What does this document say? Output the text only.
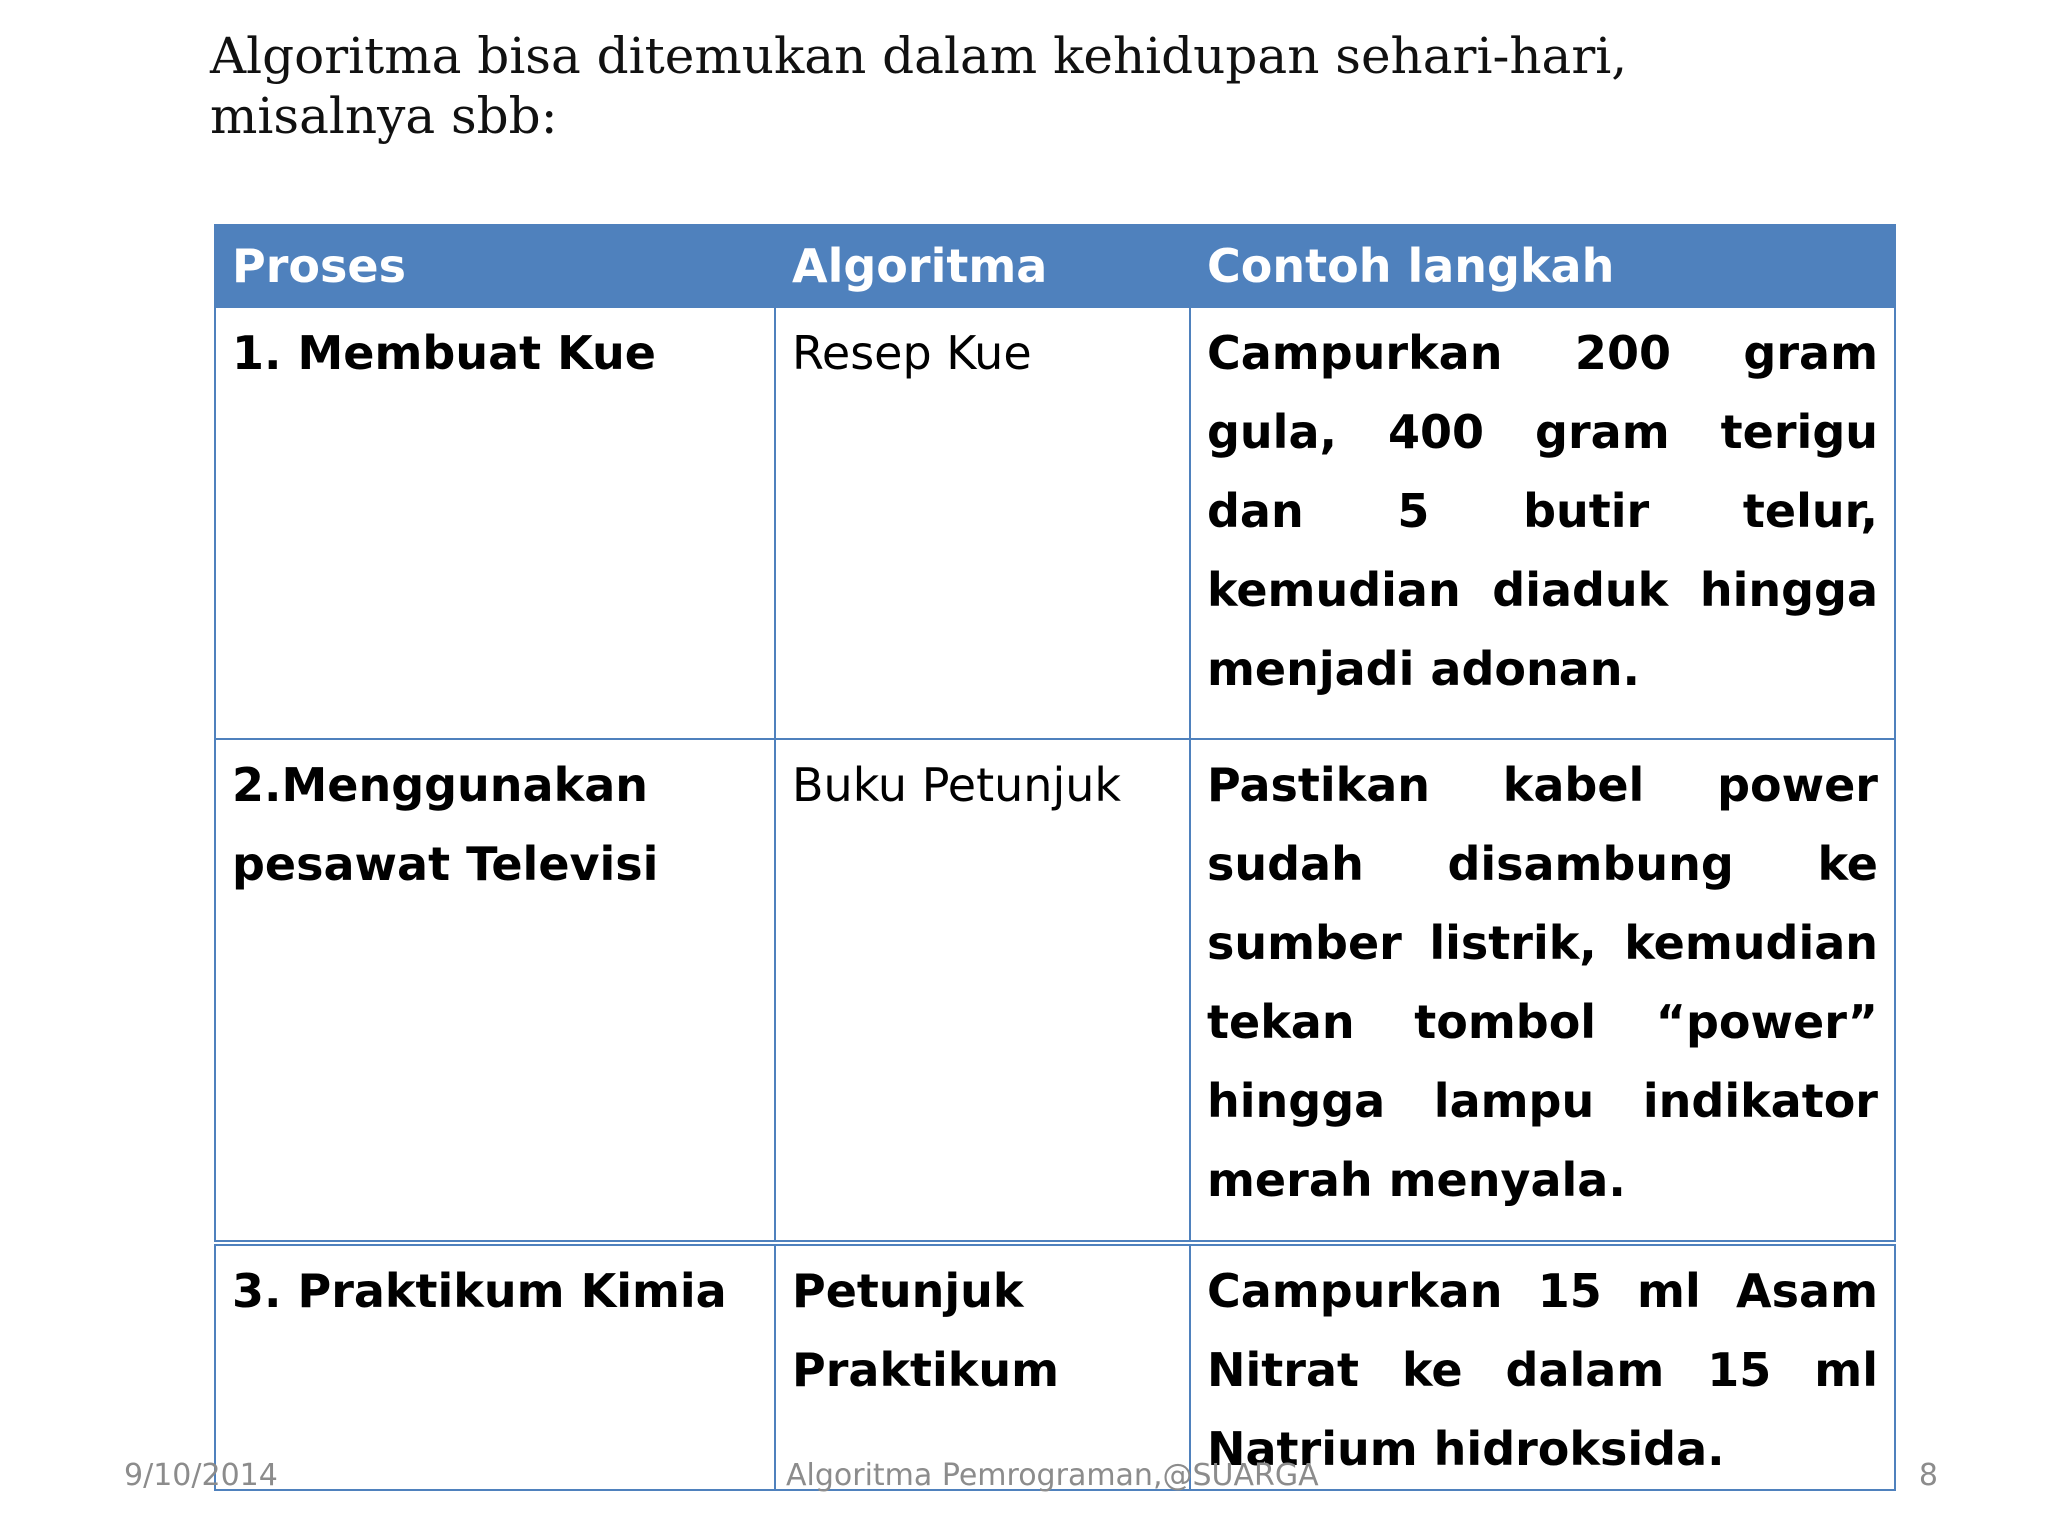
Algoritma bisa ditemukan dalam kehidupan sehari-hari,
misalnya sbb:

Proses	Algoritma	Contoh langkah
1. Membuat Kue	Resep Kue	Campurkan 200 gram gula, 400 gram terigu dan 5 butir telur, kemudian diaduk hingga menjadi adonan.
2.Menggunakan pesawat Televisi	Buku Petunjuk	Pastikan kabel power sudah disambung ke sumber listrik, kemudian tekan tombol “power” hingga lampu indikator merah menyala.
3. Praktikum Kimia	Petunjuk Praktikum	Campurkan 15 ml Asam Nitrat ke dalam 15 ml Natrium hidroksida.
9/10/2014	Algoritma Pemrograman,@SUARGA	8
